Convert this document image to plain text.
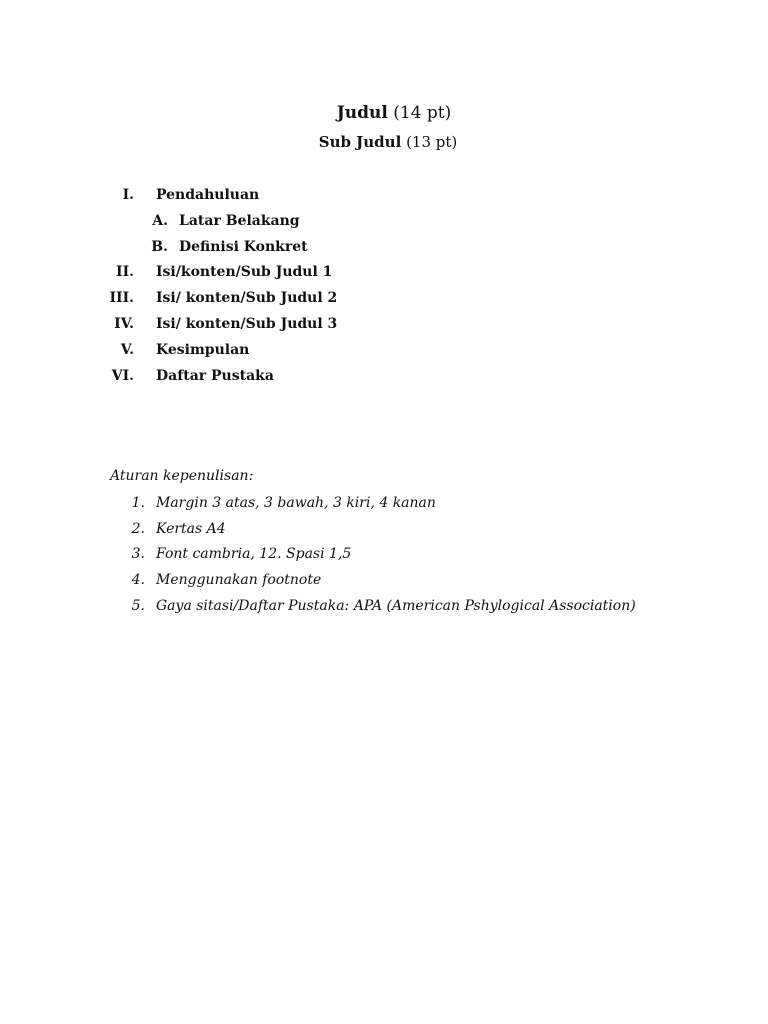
Judul (14 pt)
Sub Judul (13 pt)
I. Pendahuluan
A. Latar Belakang
B. Definisi Konkret
II. Isi/konten/Sub Judul 1
III. Isi/ konten/Sub Judul 2
IV. Isi/ konten/Sub Judul 3
V. Kesimpulan
VI. Daftar Pustaka
Aturan kepenulisan:
1. Margin 3 atas, 3 bawah, 3 kiri, 4 kanan
2. Kertas A4
3. Font cambria, 12. Spasi 1,5
4. Menggunakan footnote
5. Gaya sitasi/Daftar Pustaka: APA (American Pshylogical Association)
